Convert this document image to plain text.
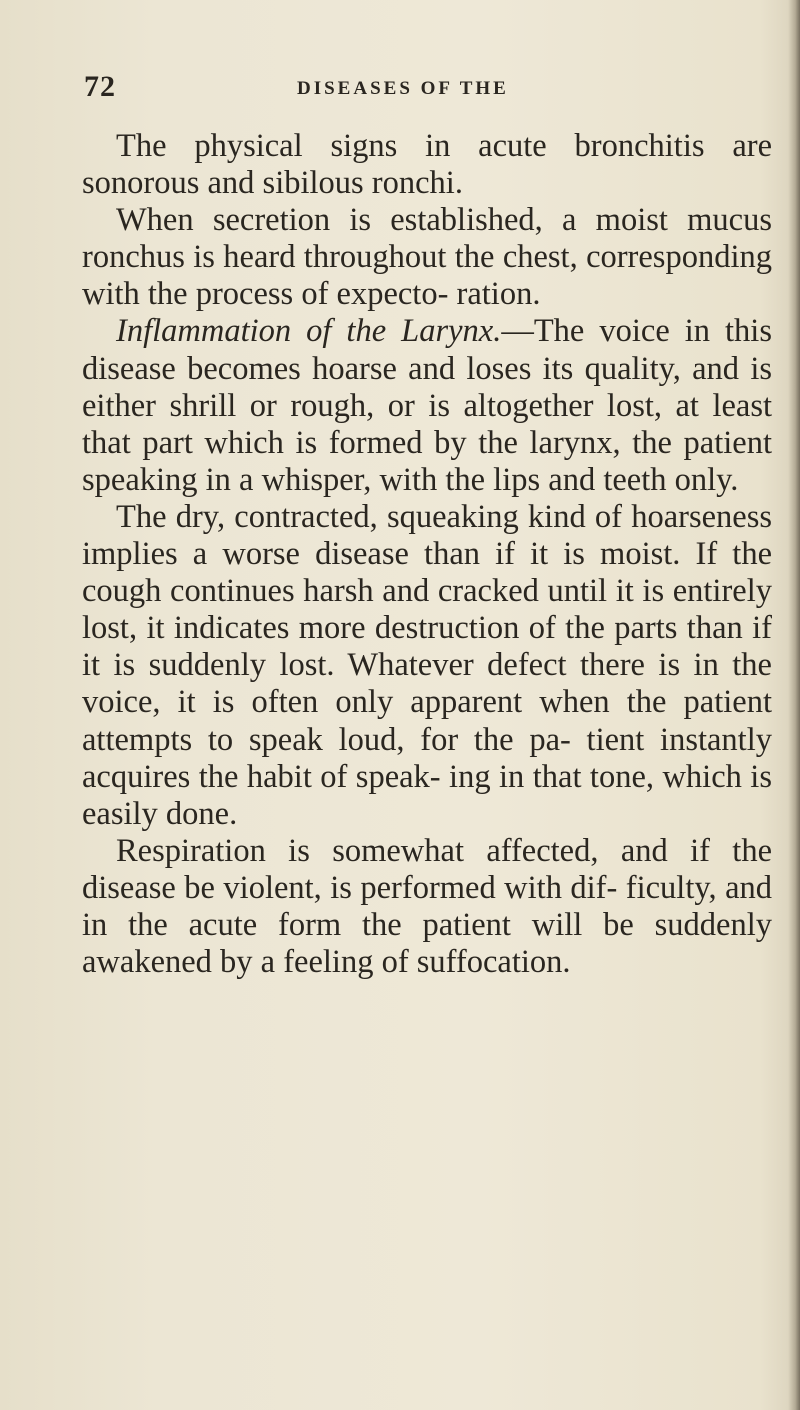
72	DISEASES OF THE

The physical signs in acute bronchitis are sonorous and sibilous ronchi.

When secretion is established, a moist mucus ronchus is heard throughout the chest, corresponding with the process of expecto- ration.

Inflammation of the Larynx.—The voice in this disease becomes hoarse and loses its quality, and is either shrill or rough, or is altogether lost, at least that part which is formed by the larynx, the patient speaking in a whisper, with the lips and teeth only.

The dry, contracted, squeaking kind of hoarseness implies a worse disease than if it is moist. If the cough continues harsh and cracked until it is entirely lost, it indicates more destruction of the parts than if it is suddenly lost. Whatever defect there is in the voice, it is often only apparent when the patient attempts to speak loud, for the pa- tient instantly acquires the habit of speak- ing in that tone, which is easily done.

Respiration is somewhat affected, and if the disease be violent, is performed with dif- ficulty, and in the acute form the patient will be suddenly awakened by a feeling of suffocation.
